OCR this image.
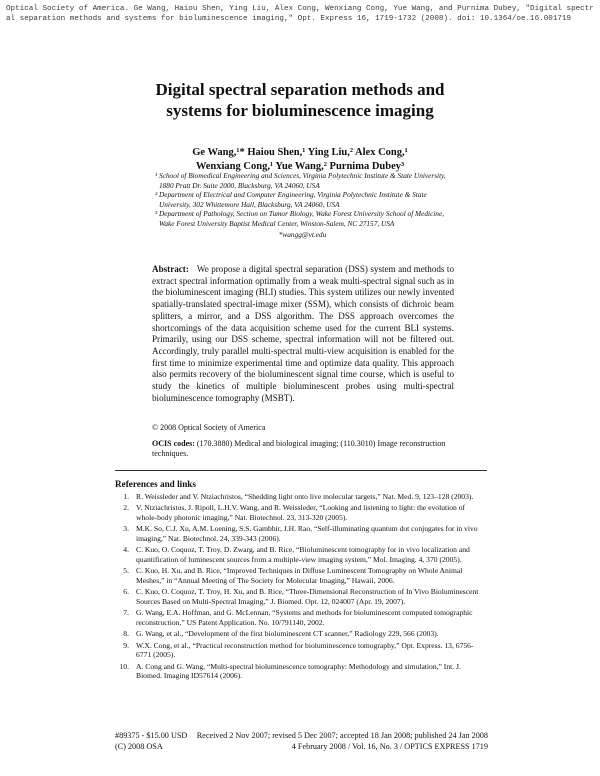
Optical Society of America. Ge Wang, Haiou Shen, Ying Liu, Alex Cong, Wenxiang Cong, Yue Wang, and Purnima Dubey, "Digital spectral separation methods and systems for bioluminescence imaging," Opt. Express 16, 1719-1732 (2008). doi: 10.1364/oe.16.001719
Digital spectral separation methods and
systems for bioluminescence imaging
Ge Wang,¹* Haiou Shen,¹ Ying Liu,² Alex Cong,¹
Wenxiang Cong,¹ Yue Wang,² Purnima Dubey³
¹ School of Biomedical Engineering and Sciences, Virginia Polytechnic Institute & State University, 1880 Pratt Dr. Suite 2000, Blacksburg, VA 24060, USA
² Department of Electrical and Computer Engineering, Virginia Polytechnic Institute & State University, 302 Whittemore Hall, Blacksburg, VA 24060, USA
³ Department of Pathology, Section on Tumor Biology, Wake Forest University School of Medicine, Wake Forest University Baptist Medical Center, Winston-Salem, NC 27157, USA
*wangg@vt.edu
Abstract: We propose a digital spectral separation (DSS) system and methods to extract spectral information optimally from a weak multi-spectral signal such as in the bioluminescent imaging (BLI) studies. This system utilizes our newly invented spatially-translated spectral-image mixer (SSM), which consists of dichroic beam splitters, a mirror, and a DSS algorithm. The DSS approach overcomes the shortcomings of the data acquisition scheme used for the current BLI systems. Primarily, using our DSS scheme, spectral information will not be filtered out. Accordingly, truly parallel multi-spectral multi-view acquisition is enabled for the first time to minimize experimental time and optimize data quality. This approach also permits recovery of the bioluminescent signal time course, which is useful to study the kinetics of multiple bioluminescent probes using multi-spectral bioluminescence tomography (MSBT).
© 2008 Optical Society of America
OCIS codes: (170.3880) Medical and biological imaging; (110.3010) Image reconstruction techniques.
References and links
1. R. Weissleder and V. Ntziachristos, “Shedding light onto live molecular targets,” Nat. Med. 9, 123–128 (2003).
2. V. Ntziachristos, J. Ripoll, L.H.V. Wang, and R. Weissleder, “Looking and listening to light: the evolution of whole-body photonic imaging,” Nat. Biotechnol. 23, 313-320 (2005).
3. M.K. So, C.J. Xu, A.M. Loening, S.S. Gambhir, J.H. Rao, “Self-illuminating quantum dot conjugates for in vivo imaging,” Nat. Biotechnol. 24, 339-343 (2006).
4. C. Kuo, O. Coquoz, T. Troy, D. Zwarg, and B. Rice, “Bioluminescent tomography for in vivo localization and quantification of luminescent sources from a multiple-view imaging system,” Mol. Imaging. 4, 370 (2005).
5. C. Kuo, H. Xu, and B. Rice, “Improved Techniques in Diffuse Luminescent Tomography on Whole Animal Meshes,” in “Annual Meeting of The Society for Molecular Imaging,” Hawaii, 2006.
6. C. Kuo, O. Coquoz, T. Troy, H. Xu, and B. Rice, “Three-Dimensional Reconstruction of In Vivo Bioluminescent Sources Based on Multi-Spectral Imaging,” J. Biomed. Opt. 12, 024007 (Apr. 19, 2007).
7. G. Wang, E.A. Hoffman, and G. McLennan, “Systems and methods for bioluminescent computed tomographic reconstruction,” US Patent Application. No. 10/791140, 2002.
8. G. Wang, et al., “Development of the first bioluminescent CT scanner,” Radiology 229, 566 (2003).
9. W.X. Cong, et al., “Practical reconstruction method for bioluminescence tomography,” Opt. Express. 13, 6756-6771 (2005).
10. A. Cong and G. Wang, “Multi-spectral bioluminescence tomography: Methodology and simulation,” Int. J. Biomed. Imaging ID57614 (2006).
#89375 - $15.00 USD Received 2 Nov 2007; revised 5 Dec 2007; accepted 18 Jan 2008; published 24 Jan 2008
(C) 2008 OSA	4 February 2008 / Vol. 16, No. 3 / OPTICS EXPRESS 1719
